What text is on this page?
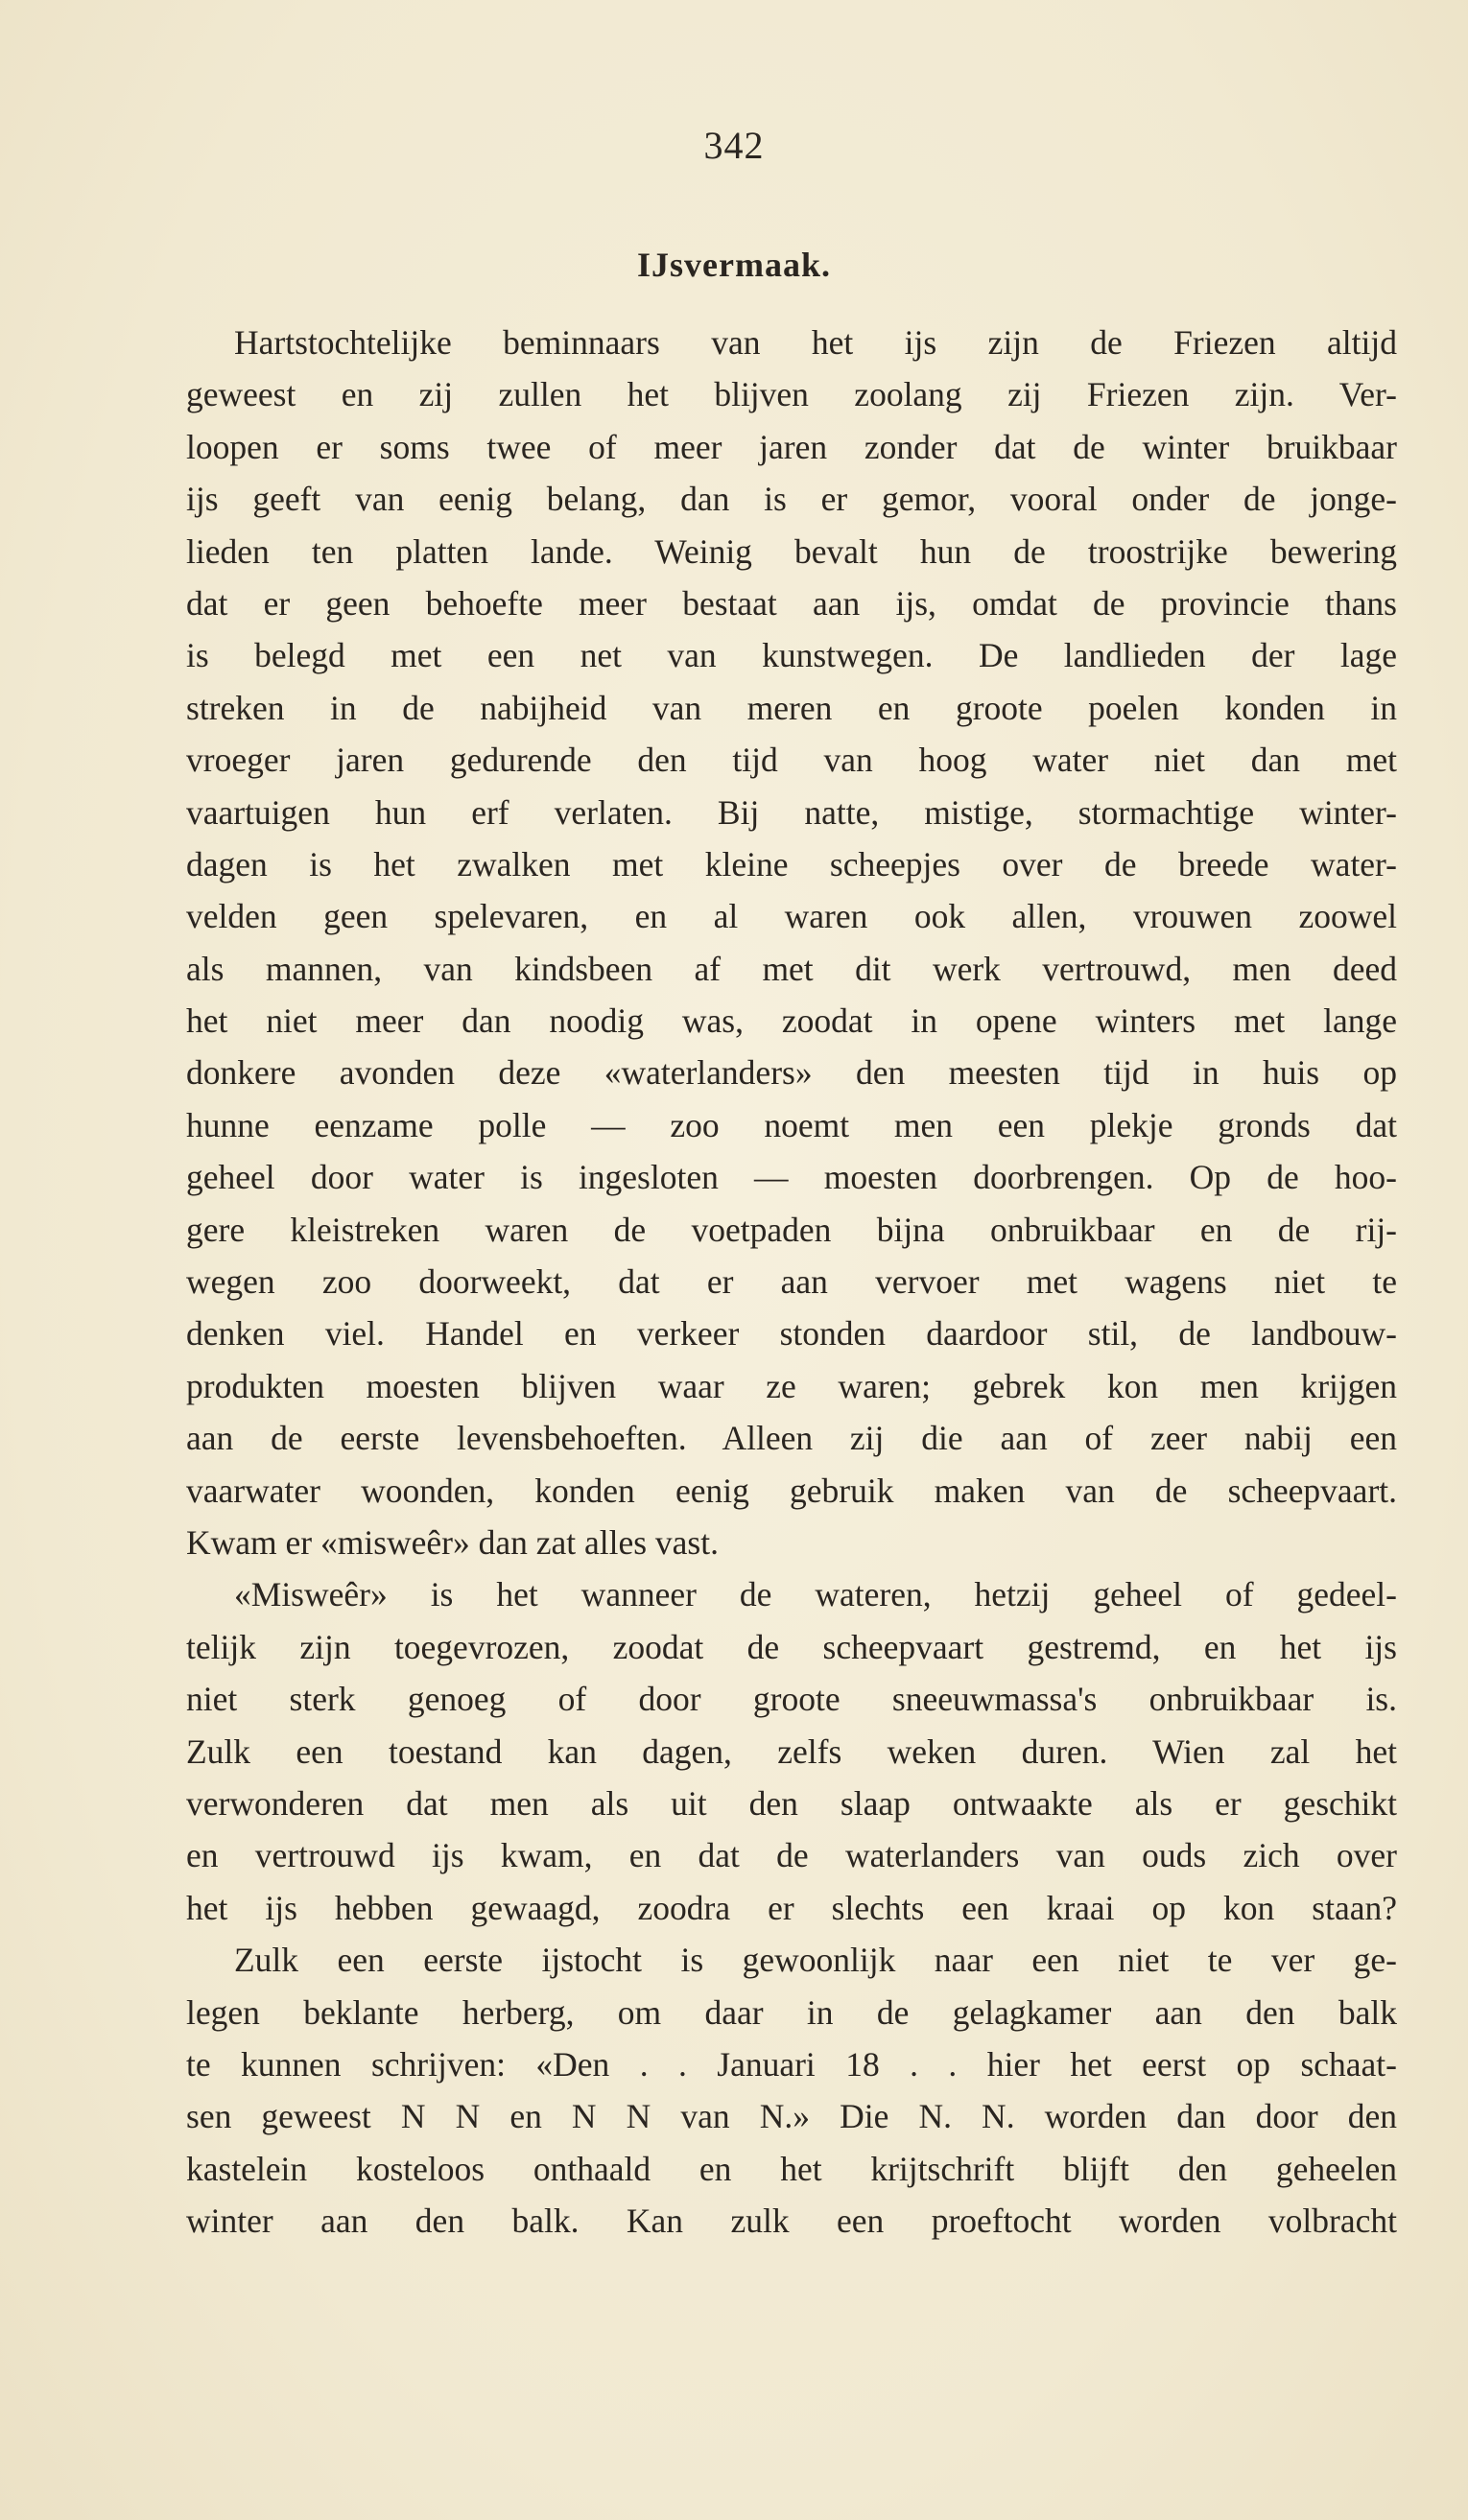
342
IJsvermaak.
Hartstochtelijke beminnaars van het ijs zijn de Friezen altijd
geweest en zij zullen het blijven zoolang zij Friezen zijn. Ver-
loopen er soms twee of meer jaren zonder dat de winter bruikbaar
ijs geeft van eenig belang, dan is er gemor, vooral onder de jonge-
lieden ten platten lande. Weinig bevalt hun de troostrijke bewering
dat er geen behoefte meer bestaat aan ijs, omdat de provincie thans
is belegd met een net van kunstwegen. De landlieden der lage
streken in de nabijheid van meren en groote poelen konden in
vroeger jaren gedurende den tijd van hoog water niet dan met
vaartuigen hun erf verlaten. Bij natte, mistige, stormachtige winter-
dagen is het zwalken met kleine scheepjes over de breede water-
velden geen spelevaren, en al waren ook allen, vrouwen zoowel
als mannen, van kindsbeen af met dit werk vertrouwd, men deed
het niet meer dan noodig was, zoodat in opene winters met lange
donkere avonden deze «waterlanders» den meesten tijd in huis op
hunne eenzame polle — zoo noemt men een plekje gronds dat
geheel door water is ingesloten — moesten doorbrengen. Op de hoo-
gere kleistreken waren de voetpaden bijna onbruikbaar en de rij-
wegen zoo doorweekt, dat er aan vervoer met wagens niet te
denken viel. Handel en verkeer stonden daardoor stil, de landbouw-
produkten moesten blijven waar ze waren; gebrek kon men krijgen
aan de eerste levensbehoeften. Alleen zij die aan of zeer nabij een
vaarwater woonden, konden eenig gebruik maken van de scheepvaart.
Kwam er «misweêr» dan zat alles vast.
«Misweêr» is het wanneer de wateren, hetzij geheel of gedeel-
telijk zijn toegevrozen, zoodat de scheepvaart gestremd, en het ijs
niet sterk genoeg of door groote sneeuwmassa's onbruikbaar is.
Zulk een toestand kan dagen, zelfs weken duren. Wien zal het
verwonderen dat men als uit den slaap ontwaakte als er geschikt
en vertrouwd ijs kwam, en dat de waterlanders van ouds zich over
het ijs hebben gewaagd, zoodra er slechts een kraai op kon staan?
Zulk een eerste ijstocht is gewoonlijk naar een niet te ver ge-
legen beklante herberg, om daar in de gelagkamer aan den balk
te kunnen schrijven: «Den . . Januari 18 . . hier het eerst op schaat-
sen geweest N N en N N van N.» Die N. N. worden dan door den
kastelein kosteloos onthaald en het krijtschrift blijft den geheelen
winter aan den balk. Kan zulk een proeftocht worden volbracht
